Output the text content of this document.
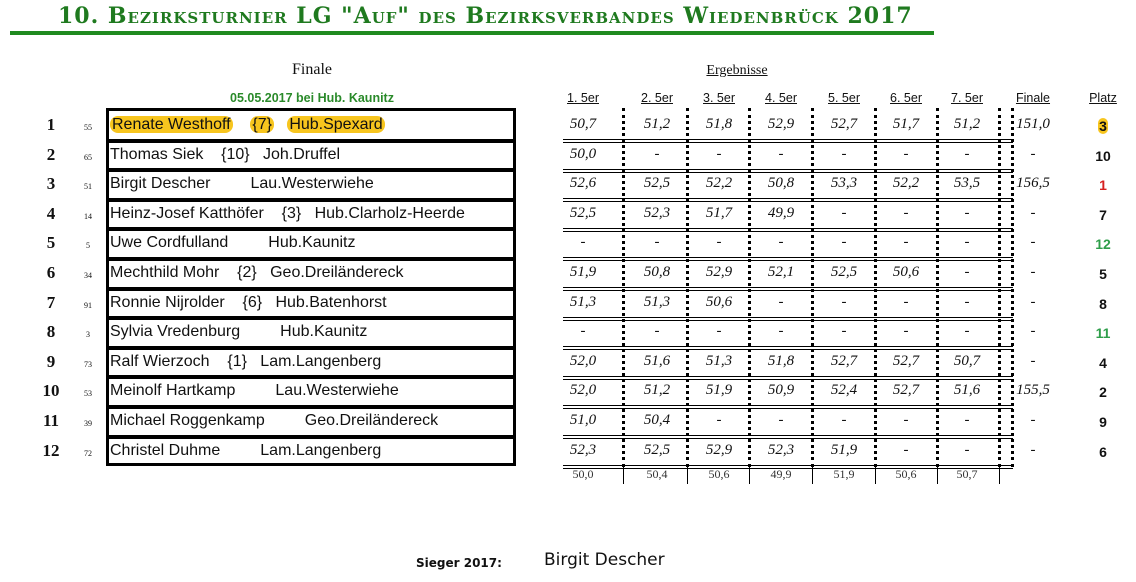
10. Bezirksturnier LG "Auf" des Bezirksverbandes Wiedenbrück 2017
Finale	Ergebnisse
05.05.2017 bei Hub. Kaunitz	1. 5er	2. 5er	3. 5er	4. 5er	5. 5er	6. 5er	7. 5er	Finale	Platz
1	55	Renate Westhoff {7} Hub.Spexard	50,7	51,2	51,8	52,9	52,7	51,7	51,2	151,0	3
2	65 Thomas Siek {10} Joh.Druffel	50,0	-	-	-	-	-	-	-	10
3	51 Birgit Descher	Lau.Westerwiehe	52,6	52,5	52,2	50,8	53,3	52,2	53,5	156,5	1
4	14 Heinz-Josef Katthöfer {3} Hub.Clarholz-Heerde	52,5	52,3	51,7	49,9	-	-	-	-	7
5	5	Uwe Cordfulland	Hub.Kaunitz	-	-	-	-	-	-	-	-	12
6	34 Mechthild Mohr {2} Geo.Dreiländereck	51,9	50,8	52,9	52,1	52,5	50,6	-	-	5
7	91 Ronnie Nijrolder {6} Hub.Batenhorst	51,3	51,3	50,6	-	-	-	-	-	8
8	3	Sylvia Vredenburg	Hub.Kaunitz	-	-	-	-	-	-	-	-	11
9	73 Ralf Wierzoch {1} Lam.Langenberg	52,0	51,6	51,3	51,8	52,7	52,7	50,7	-	4
10	53 Meinolf Hartkamp	Lau.Westerwiehe	52,0	51,2	51,9	50,9	52,4	52,7	51,6	155,5	2
11	39 Michael Roggenkamp	Geo.Dreiländereck	51,0	50,4	-	-	-	-	-	-	9
12	72 Christel Duhme	Lam.Langenberg	52,3	52,5	52,9	52,3	51,9	-	-	-	6
50,0	50,4	50,6	49,9	51,9	50,6	50,7
Sieger 2017: Birgit Descher
